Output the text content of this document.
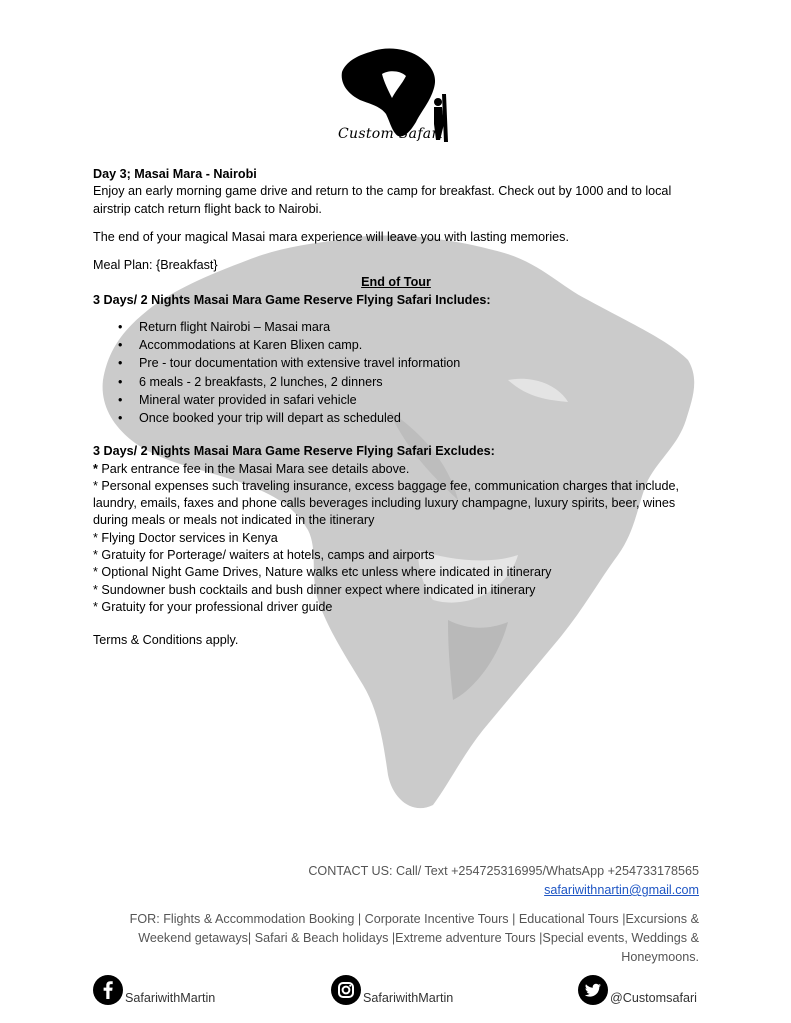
Custom Safari

Day 3; Masai Mara - Nairobi

Enjoy an early morning game drive and return to the camp for breakfast. Check out by 1000 and to local airstrip catch return flight back to Nairobi.

The end of your magical Masai mara experience will leave you with lasting memories.

Meal Plan: {Breakfast}

End of Tour

3 Days/ 2 Nights Masai Mara Game Reserve Flying Safari Includes:

• Return flight Nairobi – Masai mara
• Accommodations at Karen Blixen camp.
• Pre - tour documentation with extensive travel information
• 6 meals - 2 breakfasts, 2 lunches, 2 dinners
• Mineral water provided in safari vehicle
• Once booked your trip will depart as scheduled

3 Days/ 2 Nights Masai Mara Game Reserve Flying Safari Excludes:

* Park entrance fee in the Masai Mara see details above.

* Personal expenses such traveling insurance, excess baggage fee, communication charges that include, laundry, emails, faxes and phone calls beverages including luxury champagne, luxury spirits, beer, wines during meals or meals not indicated in the itinerary

* Flying Doctor services in Kenya

* Gratuity for Porterage/ waiters at hotels, camps and airports

* Optional Night Game Drives, Nature walks etc unless where indicated in itinerary

* Sundowner bush cocktails and bush dinner expect where indicated in itinerary

* Gratuity for your professional driver guide

Terms & Conditions apply.

CONTACT US: Call/ Text +254725316995/WhatsApp +254733178565
safariwithnartin@gmail.com
FOR: Flights & Accommodation Booking | Corporate Incentive Tours | Educational Tours |Excursions &
Weekend getaways| Safari & Beach holidays |Extreme adventure Tours |Special events, Weddings &
Honeymoons.
SafariwithMartin	SafariwithMartin	@Customsafari
